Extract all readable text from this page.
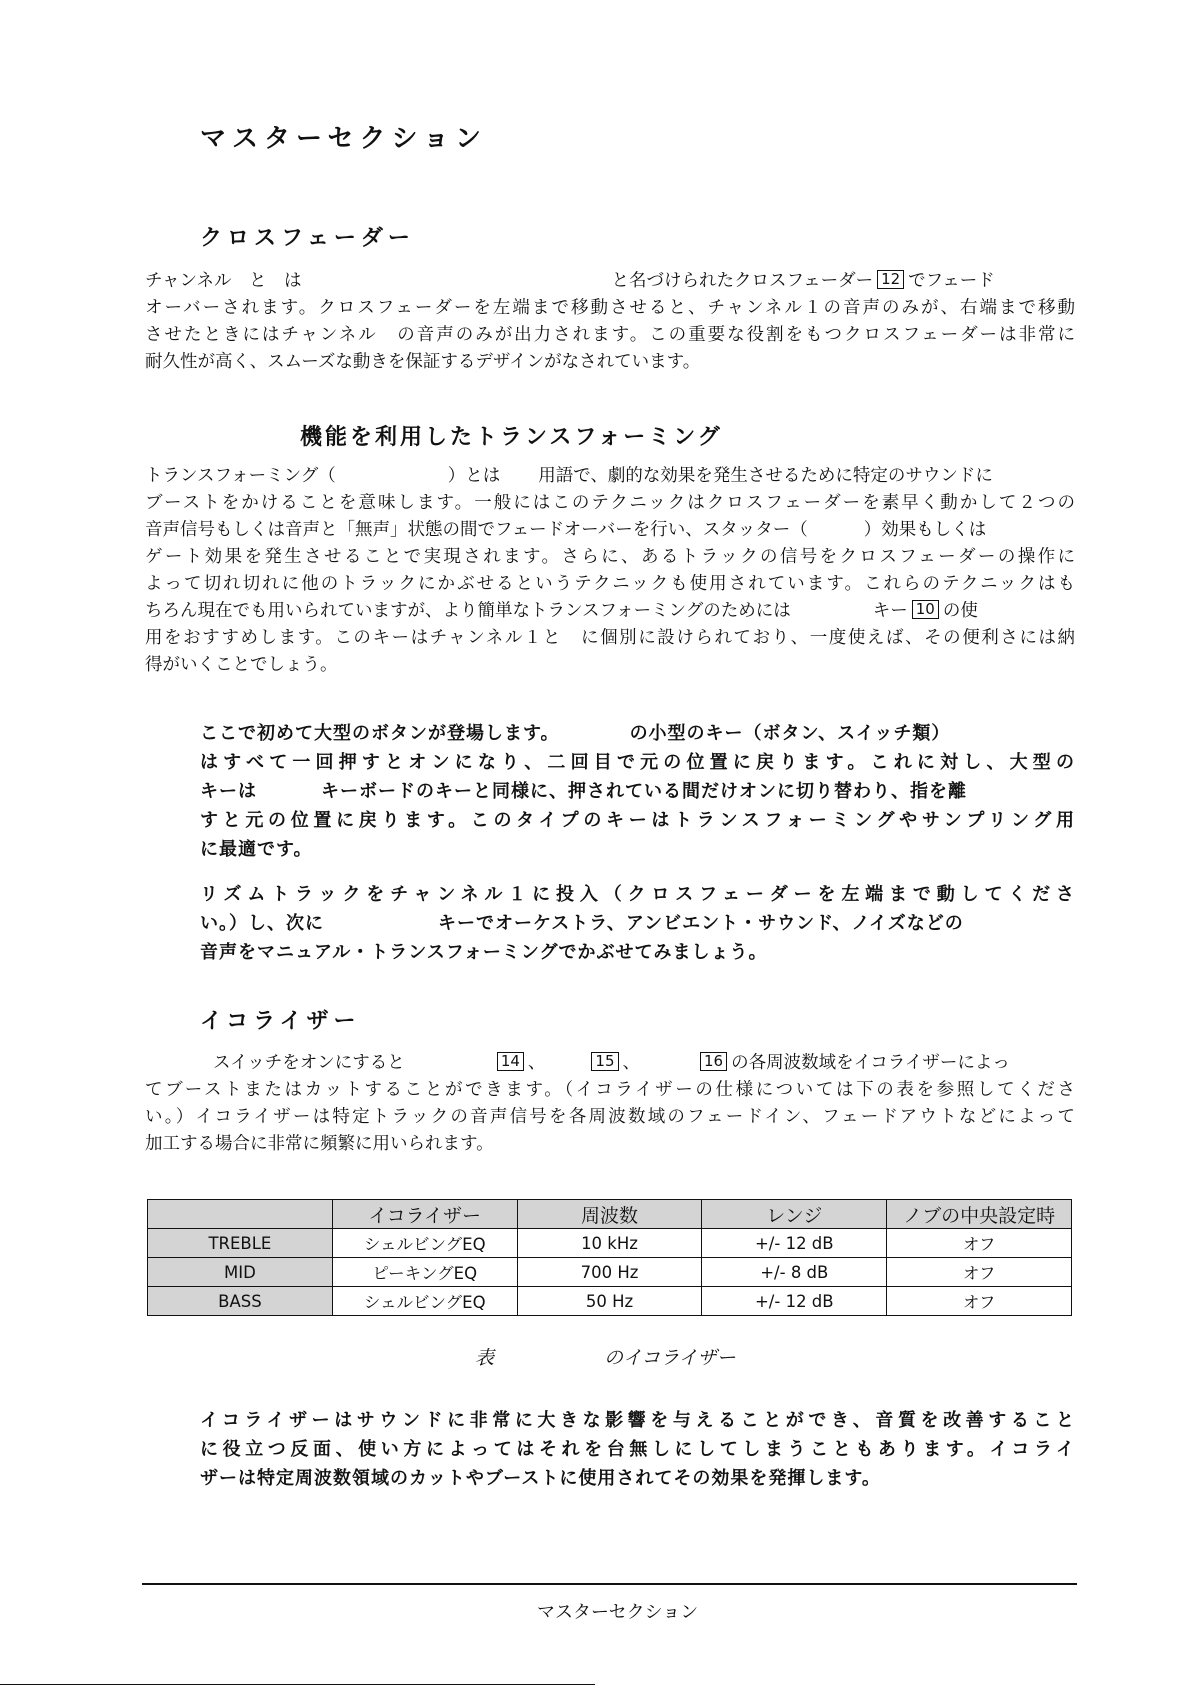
マスターセクション
クロスフェーダー
チャンネル　と　は	と名づけられたクロスフェーダー 12 でフェード
オーバーされます。クロスフェーダーを左端まで移動させると、チャンネル１の音声のみが、右端まで移動
させたときにはチャンネル　の音声のみが出力されます。この重要な役割をもつクロスフェーダーは非常に
耐久性が高く、スムーズな動きを保証するデザインがなされています。
機能を利用したトランスフォーミング
トランスフォーミング（	）とは 用語で、劇的な効果を発生させるために特定のサウンドに
ブーストをかけることを意味します。一般にはこのテクニックはクロスフェーダーを素早く動かして２つの
音声信号もしくは音声と「無声」状態の間でフェードオーバーを行い、スタッター（	）効果もしくは
ゲート効果を発生させることで実現されます。さらに、あるトラックの信号をクロスフェーダーの操作に
よって切れ切れに他のトラックにかぶせるというテクニックも使用されています。これらのテクニックはも
ちろん現在でも用いられていますが、より簡単なトランスフォーミングのためには	キー 10 の使
用をおすすめします。このキーはチャンネル１と　に個別に設けられており、一度使えば、その便利さには納
得がいくことでしょう。
ここで初めて大型のボタンが登場します。	の小型のキー（ボタン、スイッチ類）
はすべて一回押すとオンになり、二回目で元の位置に戻ります。これに対し、大型の
キーは	キーボードのキーと同様に、押されている間だけオンに切り替わり、指を離
すと元の位置に戻ります。このタイプのキーはトランスフォーミングやサンプリング用
に最適です。
リズムトラックをチャンネル１に投入（クロスフェーダーを左端まで動してくださ
い。）し、次に	キーでオーケストラ、アンビエント・サウンド、ノイズなどの
音声をマニュアル・トランスフォーミングでかぶせてみましょう。
イコライザー
スイッチをオンにすると	14 、	15 、	16 の各周波数域をイコライザーによっ
てブーストまたはカットすることができます。（イコライザーの仕様については下の表を参照してくださ
い。）イコライザーは特定トラックの音声信号を各周波数域のフェードイン、フェードアウトなどによって
加工する場合に非常に頻繁に用いられます。
	イコライザー	周波数	レンジ	ノブの中央設定時
TREBLE	シェルビングEQ	10 kHz	+/- 12 dB	オフ
MID	ピーキングEQ	700 Hz	+/- 8 dB	オフ
BASS	シェルビングEQ	50 Hz	+/- 12 dB	オフ
表	のイコライザー
イコライザーはサウンドに非常に大きな影響を与えることができ、音質を改善すること
に役立つ反面、使い方によってはそれを台無しにしてしまうこともあります。イコライ
ザーは特定周波数領域のカットやブーストに使用されてその効果を発揮します。
マスターセクション
